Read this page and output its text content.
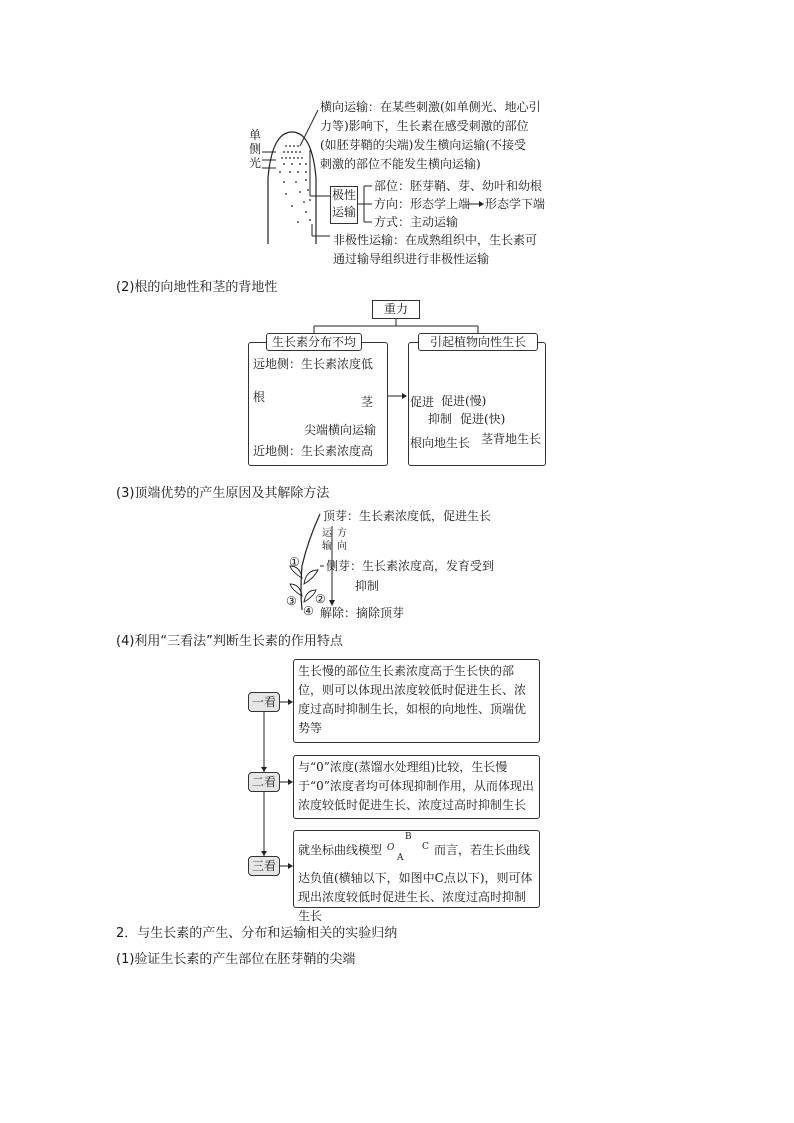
单
侧
光
横向运输：在某些刺激(如单侧光、地心引
力等)影响下，生长素在感受刺激的部位
(如胚芽鞘的尖端)发生横向运输(不接受
刺激的部位不能发生横向运输)
极性
运输
部位：胚芽鞘、芽、幼叶和幼根
方向：形态学上端 形态学下端
方式：主动运输
非极性运输：在成熟组织中，生长素可
通过输导组织进行非极性运输
(2)根的向地性和茎的背地性
重力
生长素分布不均	引起植物向性生长
远地侧：生长素浓度低
根	茎
尖端横向运输
近地侧：生长素浓度高
促进 促进(慢)
抑制 促进(快)
根向地生长 茎背地生长
(3)顶端优势的产生原因及其解除方法
顶芽：生长素浓度低，促进生长
运输
方向
侧芽：生长素浓度高，发育受到
抑制
解除：摘除顶芽
①
②
③
④
(4)利用“三看法”判断生长素的作用特点
一看
二看
三看
生长慢的部位生长素浓度高于生长快的部位，则可以体现出浓度较低时促进生长、浓度过高时抑制生长，如根的向地性、顶端优势等
与“0”浓度(蒸馏水处理组)比较，生长慢于“0”浓度者均可体现抑制作用，从而体现出浓度较低时促进生长、浓度过高时抑制生长
就坐标曲线模型	而言，若生长曲线
O
A
B
C
达负值(横轴以下，如图中C点以下)，则可体现出浓度较低时促进生长、浓度过高时抑制生长
2．与生长素的产生、分布和运输相关的实验归纳
(1)验证生长素的产生部位在胚芽鞘的尖端
